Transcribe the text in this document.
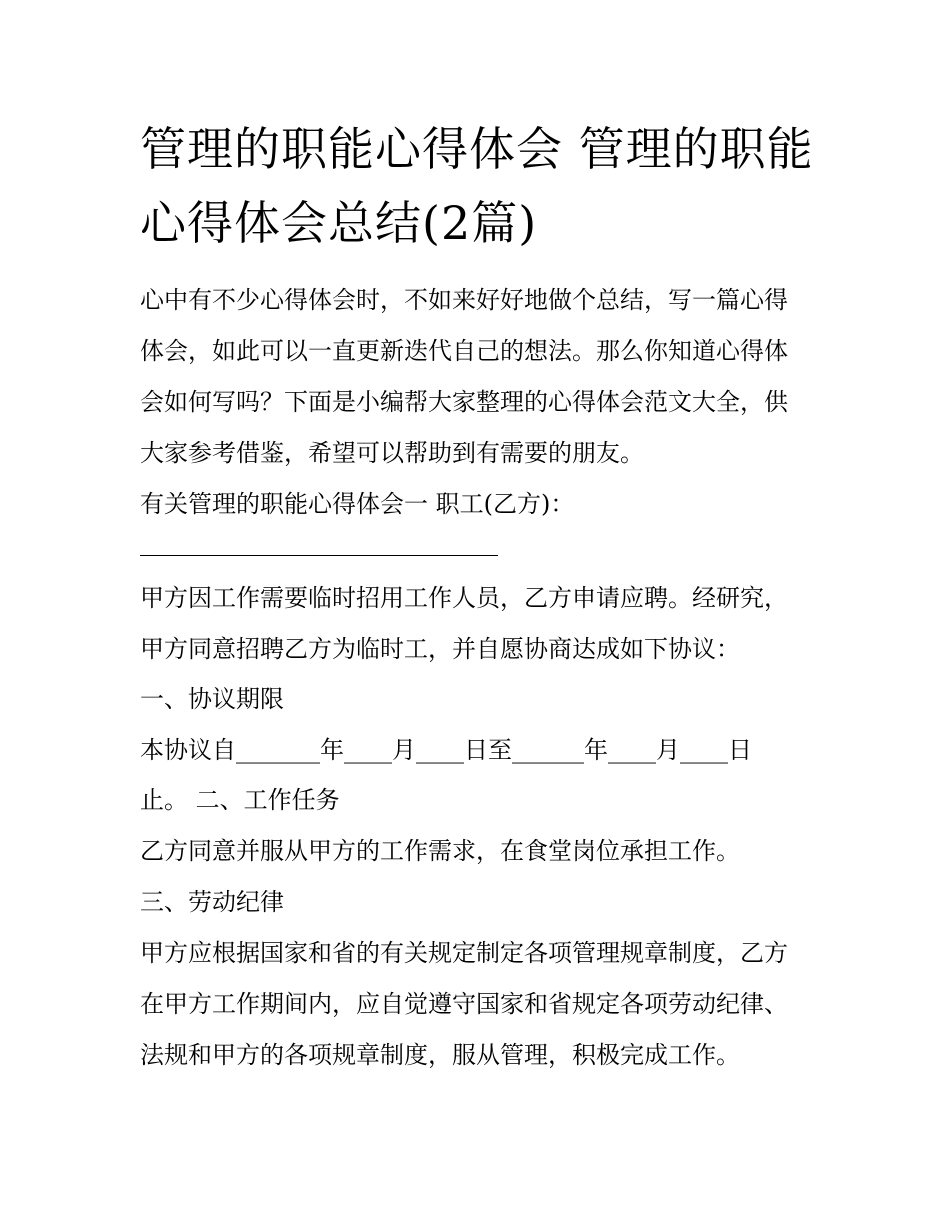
管理的职能心得体会 管理的职能心得体会总结(2篇)

心中有不少心得体会时，不如来好好地做个总结，写一篇心得

体会，如此可以一直更新迭代自己的想法。那么你知道心得体

会如何写吗？下面是小编帮大家整理的心得体会范文大全，供

大家参考借鉴，希望可以帮助到有需要的朋友。

有关管理的职能心得体会一 职工(乙方)：

甲方因工作需要临时招用工作人员，乙方申请应聘。经研究，

甲方同意招聘乙方为临时工，并自愿协商达成如下协议：

一、协议期限

本协议自_______年____月____日至______年____月____日

止。 二、工作任务

乙方同意并服从甲方的工作需求，在食堂岗位承担工作。

三、劳动纪律

甲方应根据国家和省的有关规定制定各项管理规章制度，乙方

在甲方工作期间内，应自觉遵守国家和省规定各项劳动纪律、

法规和甲方的各项规章制度，服从管理，积极完成工作。
